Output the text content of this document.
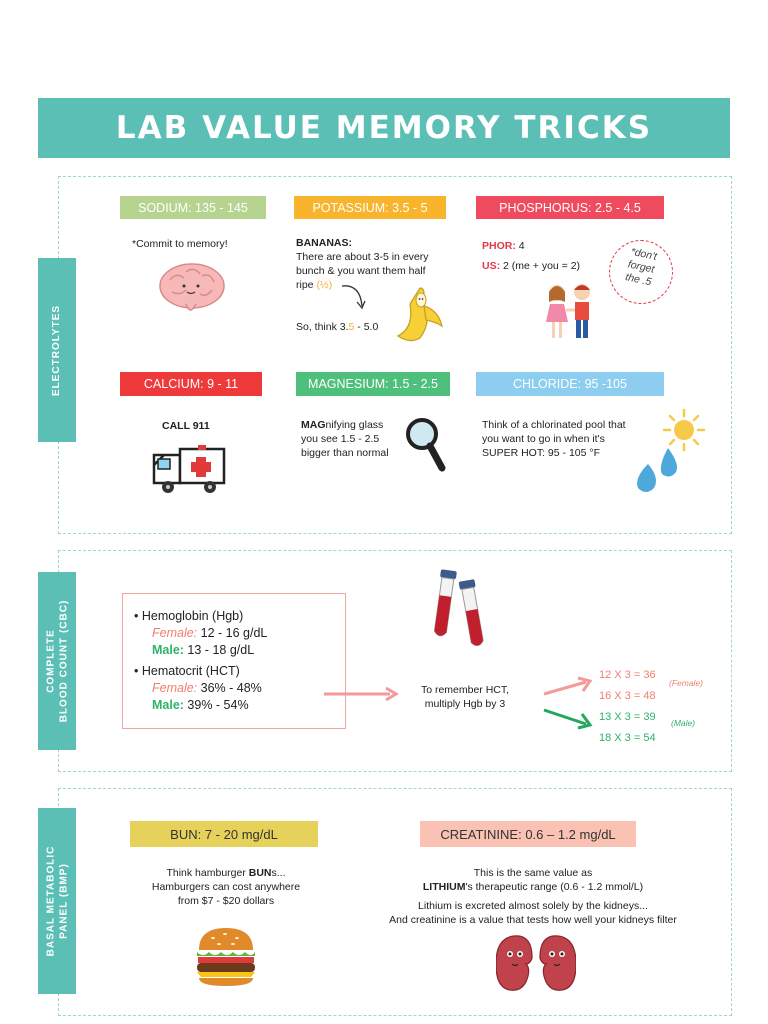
LAB VALUE MEMORY TRICKS
ELECTROLYTES
SODIUM: 135 - 145
*Commit to memory!
POTASSIUM: 3.5 - 5
BANANAS:
There are about 3-5 in every
bunch & you want them half
ripe (½)
So, think 3.5 - 5.0
PHOSPHORUS: 2.5 - 4.5
PHOR: 4
US: 2 (me + you = 2)
*don't
forget
the .5
CALCIUM: 9 - 11
CALL 911
MAGNESIUM: 1.5 - 2.5
MAGnifying glass
you see 1.5 - 2.5
bigger than normal
CHLORIDE: 95 -105
Think of a chlorinated pool that
you want to go in when it's
SUPER HOT: 95 - 105 °F
COMPLETE BLOOD COUNT (CBC)	• Hemoglobin (Hgb)
Female: 12 - 16 g/dL
Male: 13 - 18 g/dL
• Hematocrit (HCT)
Female: 36% - 48%
Male: 39% - 54%
To remember HCT,
multiply Hgb by 3
12 X 3 = 36
16 X 3 = 48
(Female)
13 X 3 = 39
18 X 3 = 54
(Male)
BASAL METABOLIC PANEL (BMP)
BUN: 7 - 20 mg/dL
Think hamburger BUNs...
Hamburgers can cost anywhere
from $7 - $20 dollars
CREATININE: 0.6 – 1.2 mg/dL
This is the same value as
LITHIUM's therapeutic range (0.6 - 1.2 mmol/L)
Lithium is excreted almost solely by the kidneys...
And creatinine is a value that tests how well your kidneys filter
